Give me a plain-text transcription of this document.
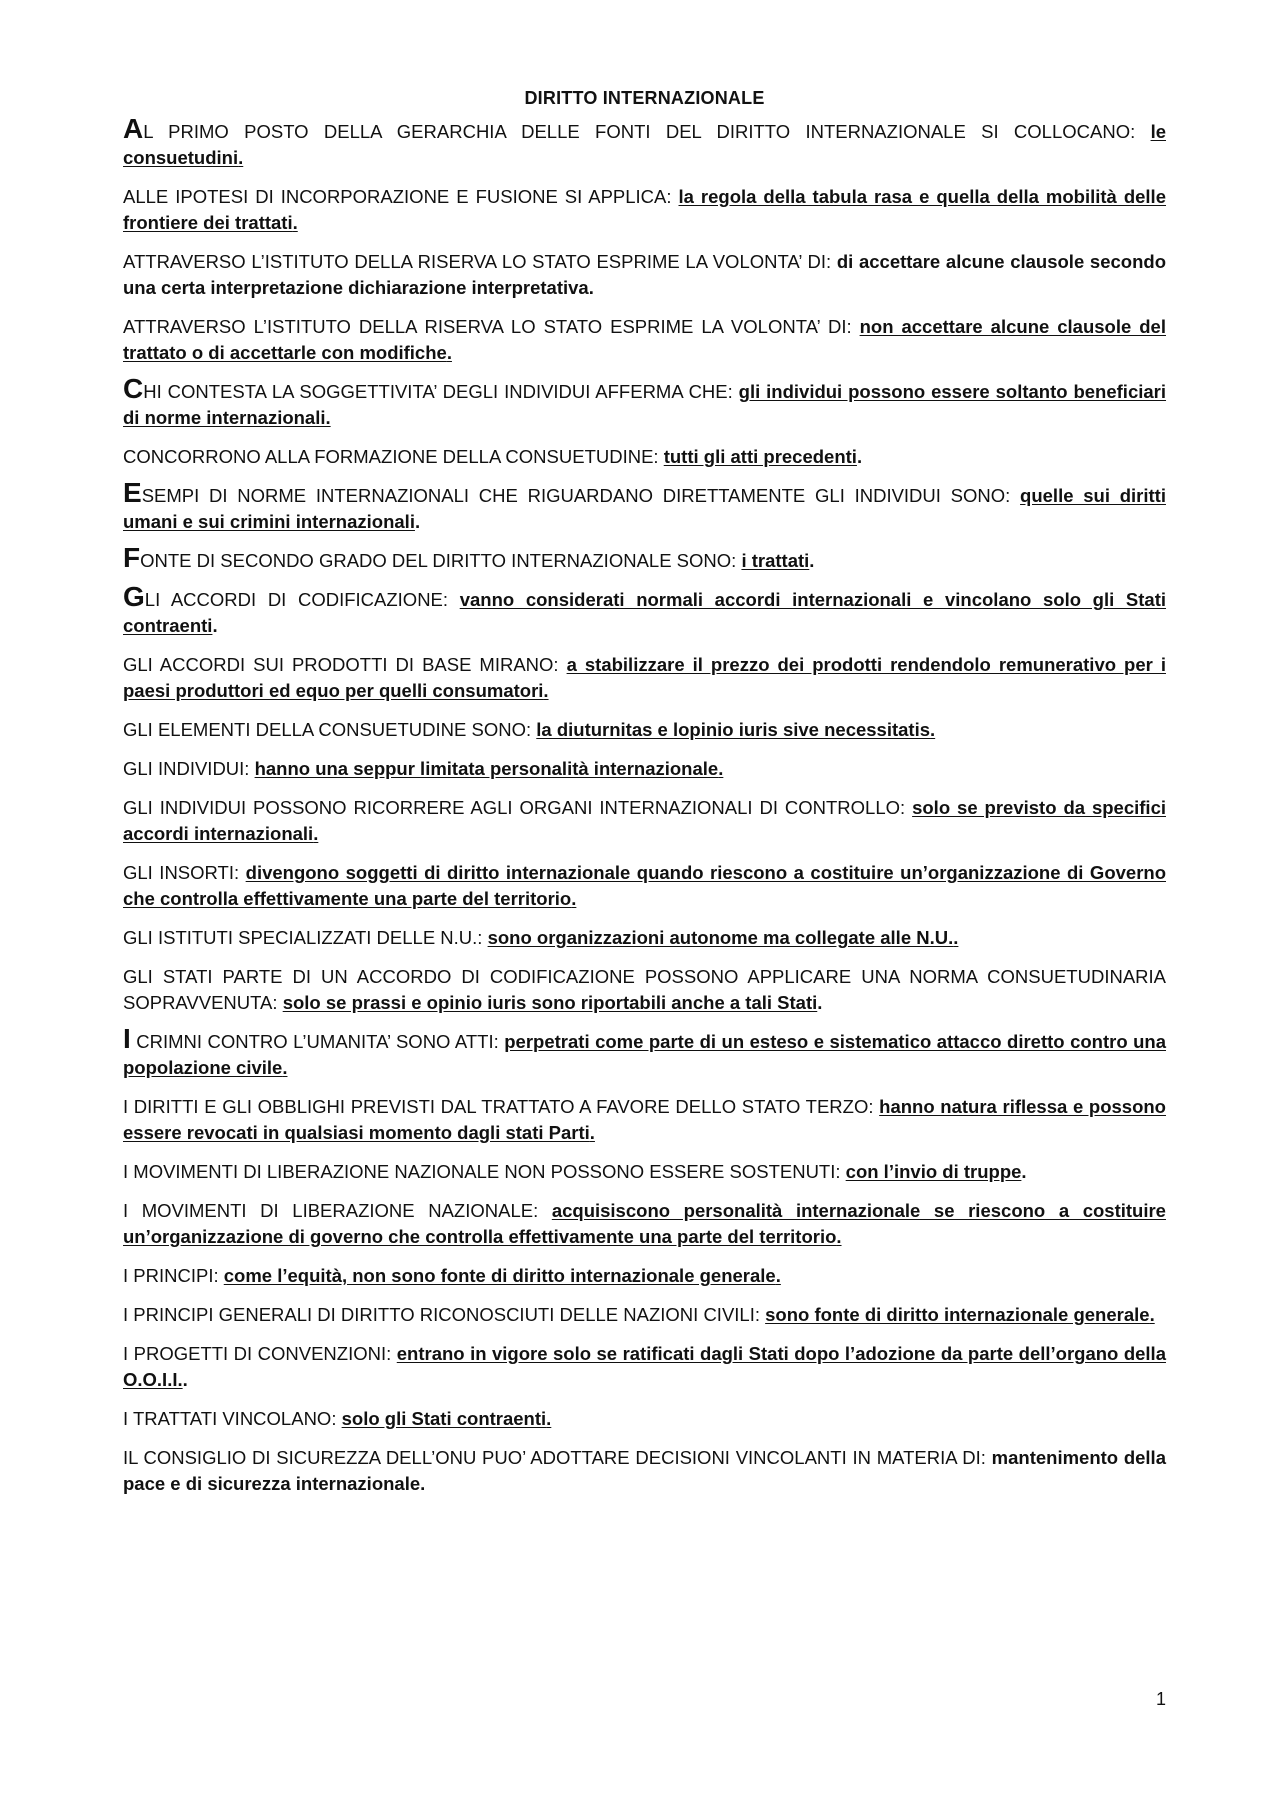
DIRITTO INTERNAZIONALE

AL PRIMO POSTO DELLA GERARCHIA DELLE FONTI DEL DIRITTO INTERNAZIONALE SI COLLOCANO: le consuetudini.

ALLE IPOTESI DI INCORPORAZIONE E FUSIONE SI APPLICA: la regola della tabula rasa e quella della mobilità delle frontiere dei trattati.

ATTRAVERSO L’ISTITUTO DELLA RISERVA LO STATO ESPRIME LA VOLONTA’ DI: di accettare alcune clausole secondo una certa interpretazione dichiarazione interpretativa.

ATTRAVERSO L’ISTITUTO DELLA RISERVA LO STATO ESPRIME LA VOLONTA’ DI: non accettare alcune clausole del trattato o di accettarle con modifiche.

CHI CONTESTA LA SOGGETTIVITA’ DEGLI INDIVIDUI AFFERMA CHE: gli individui possono essere soltanto beneficiari di norme internazionali.

CONCORRONO ALLA FORMAZIONE DELLA CONSUETUDINE: tutti gli atti precedenti.

ESEMPI DI NORME INTERNAZIONALI CHE RIGUARDANO DIRETTAMENTE GLI INDIVIDUI SONO: quelle sui diritti umani e sui crimini internazionali.

FONTE DI SECONDO GRADO DEL DIRITTO INTERNAZIONALE SONO: i trattati.

GLI ACCORDI DI CODIFICAZIONE: vanno considerati normali accordi internazionali e vincolano solo gli Stati contraenti.

GLI ACCORDI SUI PRODOTTI DI BASE MIRANO: a stabilizzare il prezzo dei prodotti rendendolo remunerativo per i paesi produttori ed equo per quelli consumatori.

GLI ELEMENTI DELLA CONSUETUDINE SONO: la diuturnitas e lopinio iuris sive necessitatis.

GLI INDIVIDUI: hanno una seppur limitata personalità internazionale.

GLI INDIVIDUI POSSONO RICORRERE AGLI ORGANI INTERNAZIONALI DI CONTROLLO: solo se previsto da specifici accordi internazionali.

GLI INSORTI: divengono soggetti di diritto internazionale quando riescono a costituire un’organizzazione di Governo che controlla effettivamente una parte del territorio.

GLI ISTITUTI SPECIALIZZATI DELLE N.U.: sono organizzazioni autonome ma collegate alle N.U..

GLI STATI PARTE DI UN ACCORDO DI CODIFICAZIONE POSSONO APPLICARE UNA NORMA CONSUETUDINARIA SOPRAVVENUTA: solo se prassi e opinio iuris sono riportabili anche a tali Stati.

I CRIMNI CONTRO L’UMANITA’ SONO ATTI: perpetrati come parte di un esteso e sistematico attacco diretto contro una popolazione civile.

I DIRITTI E GLI OBBLIGHI PREVISTI DAL TRATTATO A FAVORE DELLO STATO TERZO: hanno natura riflessa e possono essere revocati in qualsiasi momento dagli stati Parti.

I MOVIMENTI DI LIBERAZIONE NAZIONALE NON POSSONO ESSERE SOSTENUTI: con l’invio di truppe.

I MOVIMENTI DI LIBERAZIONE NAZIONALE: acquisiscono personalità internazionale se riescono a costituire un’organizzazione di governo che controlla effettivamente una parte del territorio.

I PRINCIPI: come l’equità, non sono fonte di diritto internazionale generale.

I PRINCIPI GENERALI DI DIRITTO RICONOSCIUTI DELLE NAZIONI CIVILI: sono fonte di diritto internazionale generale.

I PROGETTI DI CONVENZIONI: entrano in vigore solo se ratificati dagli Stati dopo l’adozione da parte dell’organo della O.O.I.I..

I TRATTATI VINCOLANO: solo gli Stati contraenti.

IL CONSIGLIO DI SICUREZZA DELL’ONU PUO’ ADOTTARE DECISIONI VINCOLANTI IN MATERIA DI: mantenimento della pace e di sicurezza internazionale.

1
